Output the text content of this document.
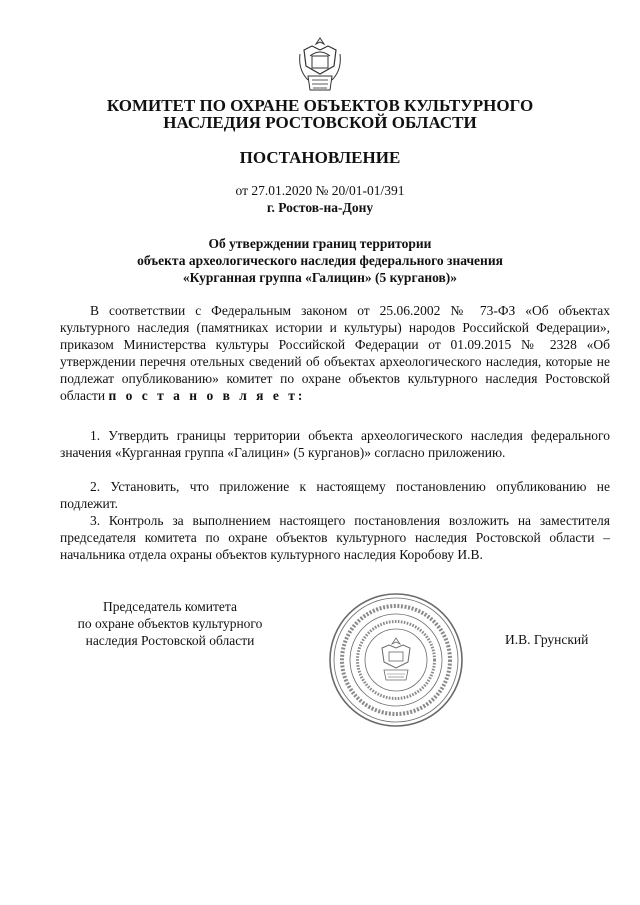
КОМИТЕТ ПО ОХРАНЕ ОБЪЕКТОВ КУЛЬТУРНОГО
НАСЛЕДИЯ РОСТОВСКОЙ ОБЛАСТИ
ПОСТАНОВЛЕНИЕ
от 27.01.2020 № 20/01-01/391
г. Ростов-на-Дону
Об утверждении границ территории
объекта археологического наследия федерального значения
«Курганная группа «Галицин» (5 курганов)»
В соответствии с Федеральным законом от 25.06.2002 № 73-ФЗ «Об объектах культурного наследия (памятниках истории и культуры) народов Российской Федерации», приказом Министерства культуры Российской Федерации от 01.09.2015 № 2328 «Об утверждении перечня отельных сведений об объектах археологического наследия, которые не подлежат опубликованию» комитет по охране объектов культурного наследия Ростовской области п о с т а н о в л я е т:
1. Утвердить границы территории объекта археологического наследия федерального значения «Курганная группа «Галицин» (5 курганов)» согласно приложению.
2. Установить, что приложение к настоящему постановлению опубликованию не подлежит.
3. Контроль за выполнением настоящего постановления возложить на заместителя председателя комитета по охране объектов культурного наследия Ростовской области – начальника отдела охраны объектов культурного наследия Коробову И.В.
Председатель комитета
по охране объектов культурного
наследия Ростовской области	И.В. Грунский
